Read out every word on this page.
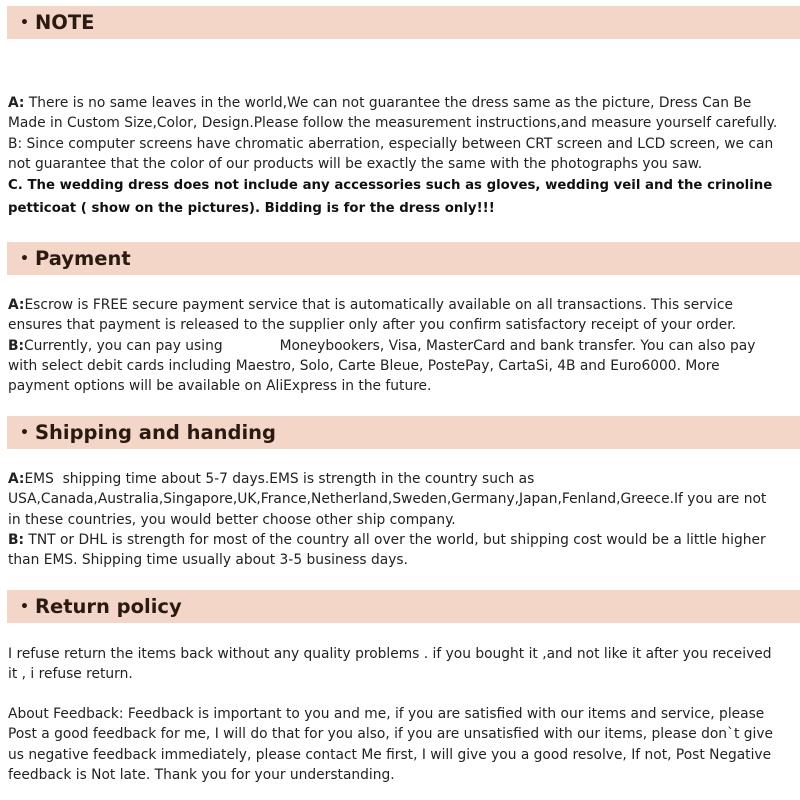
• NOTE
A: There is no same leaves in the world,We can not guarantee the dress same as the picture, Dress Can Be
Made in Custom Size,Color, Design.Please follow the measurement instructions,and measure yourself carefully.
B: Since computer screens have chromatic aberration, especially between CRT screen and LCD screen, we can
not guarantee that the color of our products will be exactly the same with the photographs you saw.
C. The wedding dress does not include any accessories such as gloves, wedding veil and the crinoline
petticoat ( show on the pictures). Bidding is for the dress only!!!
• Payment
A:Escrow is FREE secure payment service that is automatically available on all transactions. This service
ensures that payment is released to the supplier only after you confirm satisfactory receipt of your order.
B:Currently, you can pay using             Moneybookers, Visa, MasterCard and bank transfer. You can also pay
with select debit cards including Maestro, Solo, Carte Bleue, PostePay, CartaSi, 4B and Euro6000. More
payment options will be available on AliExpress in the future.
• Shipping and handing
A:EMS  shipping time about 5-7 days.EMS is strength in the country such as
USA,Canada,Australia,Singapore,UK,France,Netherland,Sweden,Germany,Japan,Fenland,Greece.If you are not
in these countries, you would better choose other ship company.
B: TNT or DHL is strength for most of the country all over the world, but shipping cost would be a little higher
than EMS. Shipping time usually about 3-5 business days.
• Return policy
I refuse return the items back without any quality problems . if you bought it ,and not like it after you received
it , i refuse return.
About Feedback: Feedback is important to you and me, if you are satisfied with our items and service, please
Post a good feedback for me, I will do that for you also, if you are unsatisfied with our items, please don`t give
us negative feedback immediately, please contact Me first, I will give you a good resolve, If not, Post Negative
feedback is Not late. Thank you for your understanding.
